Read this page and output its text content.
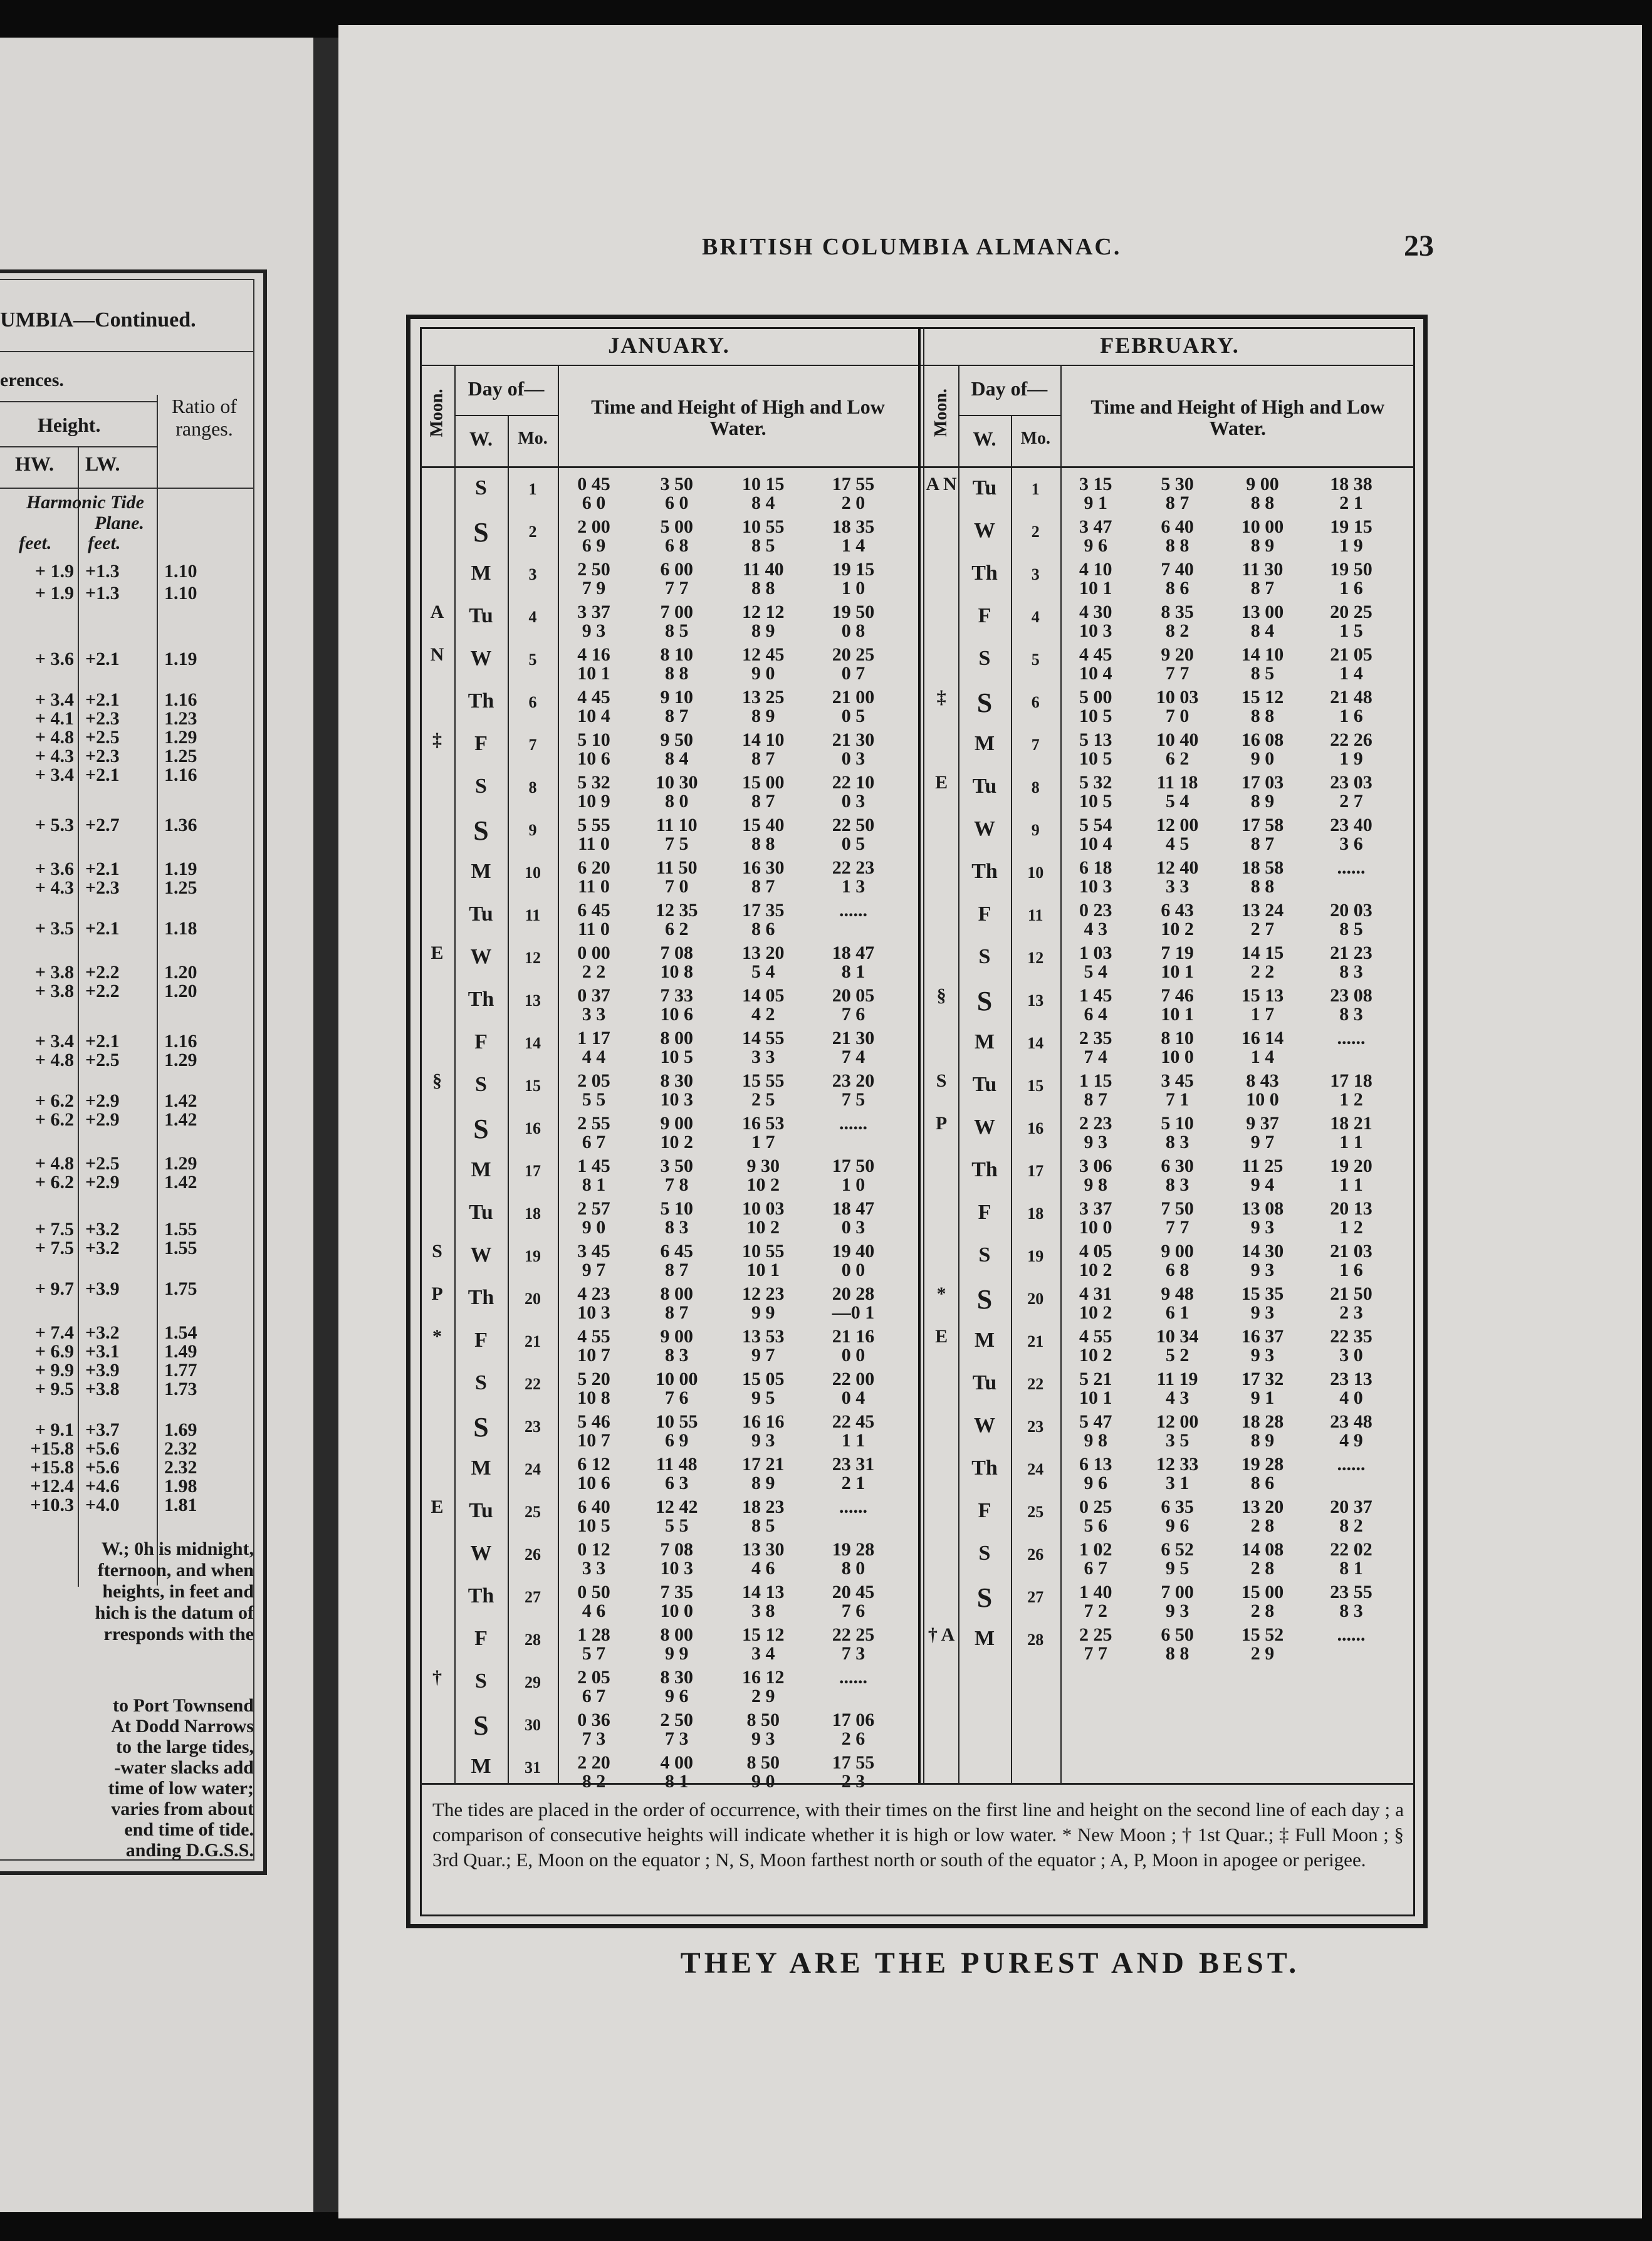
UMBIA—Continued.
erences.
Height.
Ratio of ranges.
HW. LW.
Harmonic Tide Plane.
feet. feet.
+ 1.9 +1.3	1.10
+ 1.9 +1.3	1.10
+ 3.6 +2.1	1.19
+ 3.4 +2.1	1.16
+ 4.1 +2.3	1.23
+ 4.8 +2.5	1.29
+ 4.3 +2.3	1.25
+ 3.4 +2.1	1.16
+ 5.3 +2.7	1.36
+ 3.6 +2.1	1.19
+ 4.3 +2.3	1.25
+ 3.5 +2.1	1.18
+ 3.8 +2.2	1.20
+ 3.8 +2.2	1.20
+ 3.4 +2.1	1.16
+ 4.8 +2.5	1.29
+ 6.2 +2.9	1.42
+ 6.2 +2.9	1.42
+ 4.8 +2.5	1.29
+ 6.2 +2.9	1.42
+ 7.5 +3.2	1.55
+ 7.5 +3.2	1.55
+ 9.7 +3.9	1.75
+ 7.4 +3.2	1.54
+ 6.9 +3.1	1.49
+ 9.9 +3.9	1.77
+ 9.5 +3.8	1.73
+ 9.1 +3.7	1.69
+15.8 +5.6	2.32
+15.8 +5.6	2.32
+12.4 +4.6	1.98
+10.3 +4.0	1.81
W.; 0h is midnight,
fternoon, and when
heights, in feet and
hich is the datum of
rresponds with the
to Port Townsend
At Dodd Narrows
to the large tides,
-water slacks add
time of low water;
varies from about
end time of tide.
anding D.G.S.S.
BRITISH COLUMBIA ALMANAC.	23
JANUARY.
Moon.
Day of—
W.	Mo.
Time and Height of High and Low Water.
S	1	0 45	3 50	10 15	17 55
6 0	6 0	8 4	2 0
S	2	2 00	5 00	10 55	18 35
6 9	6 8	8 5	1 4
M	3	2 50	6 00	11 40	19 15
7 9	7 7	8 8	1 0
A	Tu	4	3 37	7 00	12 12	19 50
9 3	8 5	8 9	0 8
N	W	5	4 16	8 10	12 45	20 25
10 1	8 8	9 0	0 7
Th	6	4 45	9 10	13 25	21 00
10 4	8 7	8 9	0 5
‡	F	7	5 10	9 50	14 10	21 30
10 6	8 4	8 7	0 3
S	8	5 32	10 30	15 00	22 10
10 9	8 0	8 7	0 3
S	9	5 55	11 10	15 40	22 50
11 0	7 5	8 8	0 5
M	10	6 20	11 50	16 30	22 23
11 0	7 0	8 7	1 3
Tu	11	6 45	12 35	17 35	......
11 0	6 2	8 6
E	W	12	0 00	7 08	13 20	18 47
2 2	10 8	5 4	8 1
Th	13	0 37	7 33	14 05	20 05
3 3	10 6	4 2	7 6
F	14	1 17	8 00	14 55	21 30
4 4	10 5	3 3	7 4
§	S	15	2 05	8 30	15 55	23 20
5 5	10 3	2 5	7 5
S	16	2 55	9 00	16 53	......
6 7	10 2	1 7
M	17	1 45	3 50	9 30	17 50
8 1	7 8	10 2	1 0
Tu	18	2 57	5 10	10 03	18 47
9 0	8 3	10 2	0 3
S	W	19	3 45	6 45	10 55	19 40
9 7	8 7	10 1	0 0
P	Th	20	4 23	8 00	12 23	20 28
10 3	8 7	9 9	—0 1
*	F	21	4 55	9 00	13 53	21 16
10 7	8 3	9 7	0 0
S	22	5 20	10 00	15 05	22 00
10 8	7 6	9 5	0 4
S	23	5 46	10 55	16 16	22 45
10 7	6 9	9 3	1 1
M	24	6 12	11 48	17 21	23 31
10 6	6 3	8 9	2 1
E	Tu	25	6 40	12 42	18 23	......
10 5	5 5	8 5
W	26	0 12	7 08	13 30	19 28
3 3	10 3	4 6	8 0
Th	27	0 50	7 35	14 13	20 45
4 6	10 0	3 8	7 6
F	28	1 28	8 00	15 12	22 25
5 7	9 9	3 4	7 3
†	S	29	2 05	8 30	16 12	......
6 7	9 6	2 9
S	30	0 36	2 50	8 50	17 06
7 3	7 3	9 3	2 6
M	31	2 20	4 00	8 50	17 55
8 2	8 1	9 0	2 3
FEBRUARY.
Moon.
Day of—
W.	Mo.
Time and Height of High and Low Water.
A N Tu	1	3 15	5 30	9 00	18 38
9 1	8 7	8 8	2 1
W	2	3 47	6 40	10 00	19 15
9 6	8 8	8 9	1 9
Th	3	4 10	7 40	11 30	19 50
10 1	8 6	8 7	1 6
F	4	4 30	8 35	13 00	20 25
10 3	8 2	8 4	1 5
S	5	4 45	9 20	14 10	21 05
10 4	7 7	8 5	1 4
‡	S	6	5 00	10 03	15 12	21 48
10 5	7 0	8 8	1 6
M	7	5 13	10 40	16 08	22 26
10 5	6 2	9 0	1 9
E	Tu	8	5 32	11 18	17 03	23 03
10 5	5 4	8 9	2 7
W	9	5 54	12 00	17 58	23 40
10 4	4 5	8 7	3 6
Th	10	6 18	12 40	18 58	......
10 3	3 3	8 8
F	11	0 23	6 43	13 24	20 03
4 3	10 2	2 7	8 5
S	12	1 03	7 19	14 15	21 23
5 4	10 1	2 2	8 3
§	S	13	1 45	7 46	15 13	23 08
6 4	10 1	1 7	8 3
M	14	2 35	8 10	16 14	......
7 4	10 0	1 4
S	Tu	15	1 15	3 45	8 43	17 18
8 7	7 1	10 0	1 2
P	W	16	2 23	5 10	9 37	18 21
9 3	8 3	9 7	1 1
Th	17	3 06	6 30	11 25	19 20
9 8	8 3	9 4	1 1
F	18	3 37	7 50	13 08	20 13
10 0	7 7	9 3	1 2
S	19	4 05	9 00	14 30	21 03
10 2	6 8	9 3	1 6
*	S	20	4 31	9 48	15 35	21 50
10 2	6 1	9 3	2 3
E	M	21	4 55	10 34	16 37	22 35
10 2	5 2	9 3	3 0
Tu	22	5 21	11 19	17 32	23 13
10 1	4 3	9 1	4 0
W	23	5 47	12 00	18 28	23 48
9 8	3 5	8 9	4 9
Th	24	6 13	12 33	19 28	......
9 6	3 1	8 6
F	25	0 25	6 35	13 20	20 37
5 6	9 6	2 8	8 2
S	26	1 02	6 52	14 08	22 02
6 7	9 5	2 8	8 1
S	27	1 40	7 00	15 00	23 55
7 2	9 3	2 8	8 3
† A M	28	2 25	6 50	15 52	......
7 7	8 8	2 9
The tides are placed in the order of occurrence, with their times on the first line and height on the second line of each day ; a comparison of consecutive heights will indicate whether it is high or low water. * New Moon ; † 1st Quar.; ‡ Full Moon ; § 3rd Quar.; E, Moon on the equator ; N, S, Moon farthest north or south of the equator ; A, P, Moon in apogee or perigee.
THEY ARE THE PUREST AND BEST.
